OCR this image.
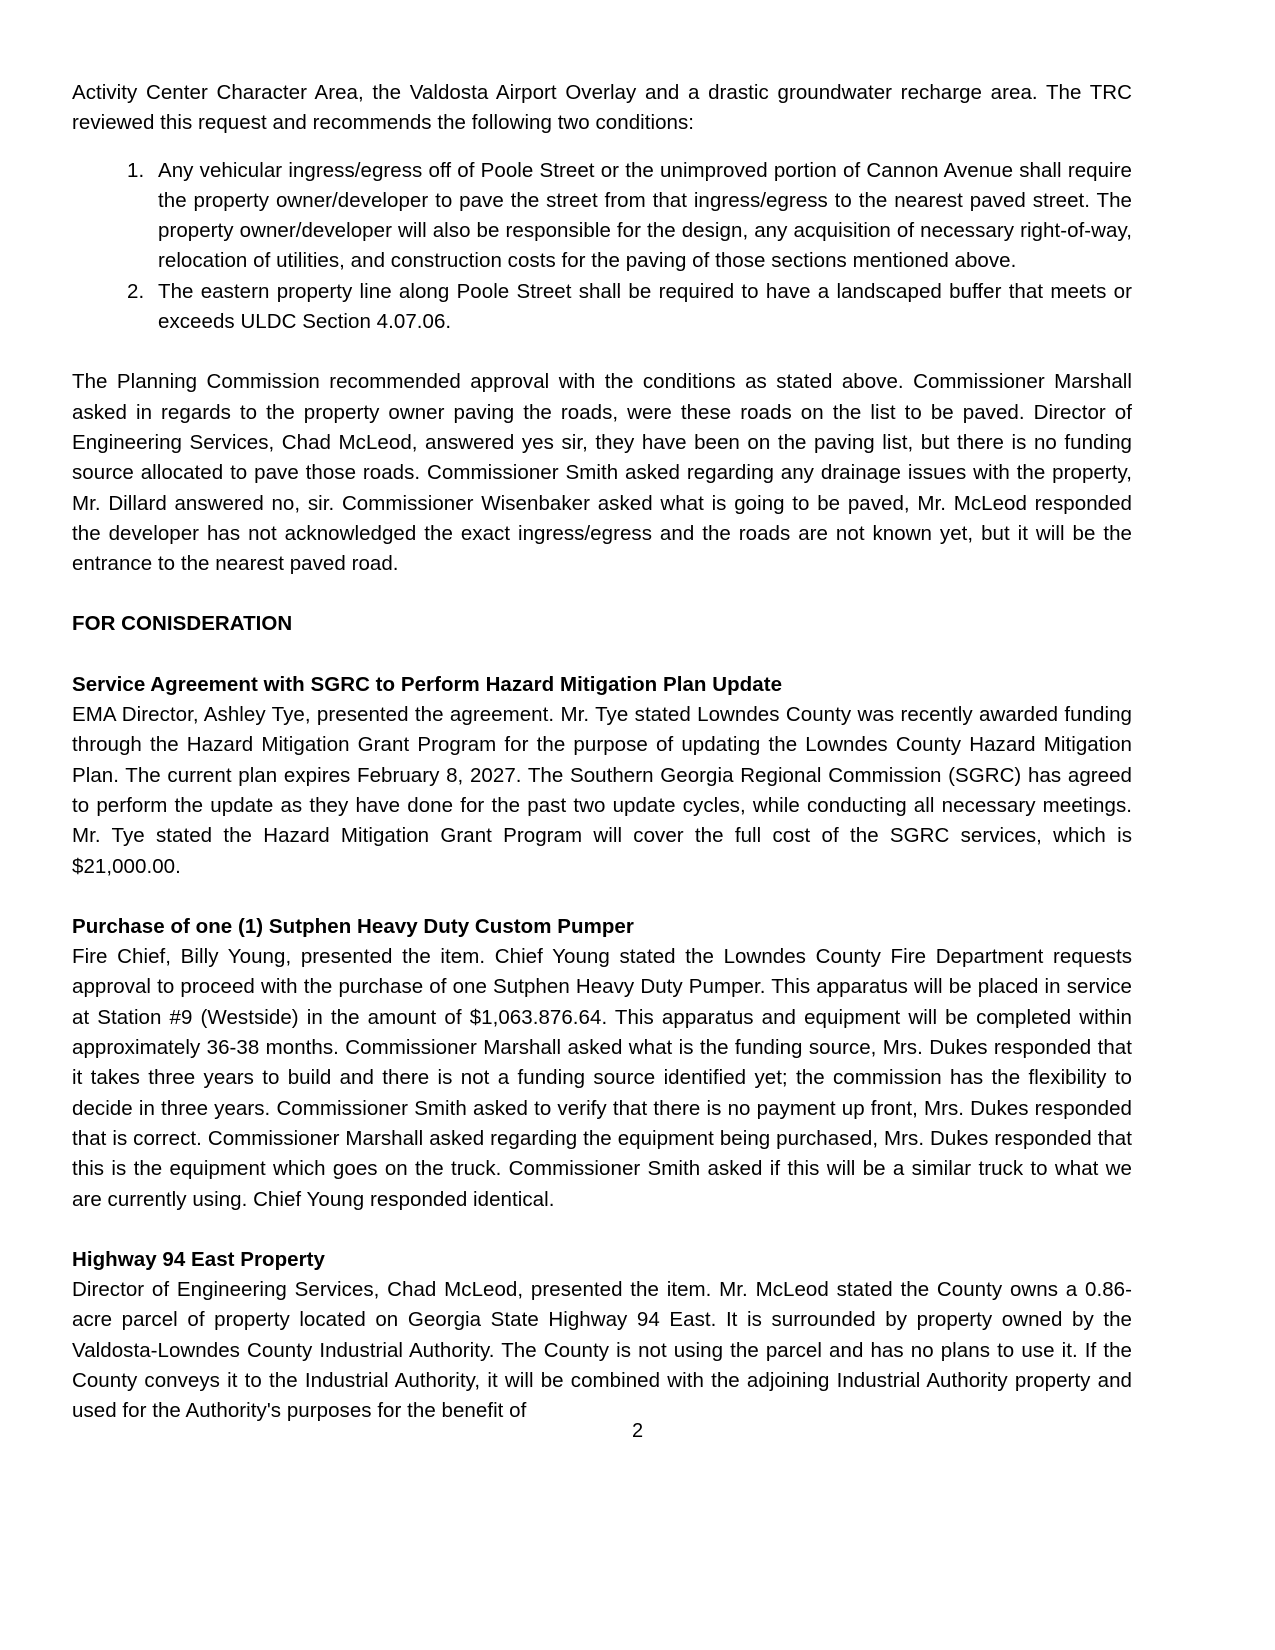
Activity Center Character Area, the Valdosta Airport Overlay and a drastic groundwater recharge area. The TRC reviewed this request and recommends the following two conditions:

1. Any vehicular ingress/egress off of Poole Street or the unimproved portion of Cannon Avenue shall require the property owner/developer to pave the street from that ingress/egress to the nearest paved street. The property owner/developer will also be responsible for the design, any acquisition of necessary right-of-way, relocation of utilities, and construction costs for the paving of those sections mentioned above.
2. The eastern property line along Poole Street shall be required to have a landscaped buffer that meets or exceeds ULDC Section 4.07.06.

The Planning Commission recommended approval with the conditions as stated above. Commissioner Marshall asked in regards to the property owner paving the roads, were these roads on the list to be paved. Director of Engineering Services, Chad McLeod, answered yes sir, they have been on the paving list, but there is no funding source allocated to pave those roads. Commissioner Smith asked regarding any drainage issues with the property, Mr. Dillard answered no, sir. Commissioner Wisenbaker asked what is going to be paved, Mr. McLeod responded the developer has not acknowledged the exact ingress/egress and the roads are not known yet, but it will be the entrance to the nearest paved road.

FOR CONISDERATION
Service Agreement with SGRC to Perform Hazard Mitigation Plan Update

EMA Director, Ashley Tye, presented the agreement. Mr. Tye stated Lowndes County was recently awarded funding through the Hazard Mitigation Grant Program for the purpose of updating the Lowndes County Hazard Mitigation Plan. The current plan expires February 8, 2027. The Southern Georgia Regional Commission (SGRC) has agreed to perform the update as they have done for the past two update cycles, while conducting all necessary meetings. Mr. Tye stated the Hazard Mitigation Grant Program will cover the full cost of the SGRC services, which is $21,000.00.

Purchase of one (1) Sutphen Heavy Duty Custom Pumper

Fire Chief, Billy Young, presented the item. Chief Young stated the Lowndes County Fire Department requests approval to proceed with the purchase of one Sutphen Heavy Duty Pumper. This apparatus will be placed in service at Station #9 (Westside) in the amount of $1,063.876.64. This apparatus and equipment will be completed within approximately 36-38 months. Commissioner Marshall asked what is the funding source, Mrs. Dukes responded that it takes three years to build and there is not a funding source identified yet; the commission has the flexibility to decide in three years. Commissioner Smith asked to verify that there is no payment up front, Mrs. Dukes responded that is correct. Commissioner Marshall asked regarding the equipment being purchased, Mrs. Dukes responded that this is the equipment which goes on the truck. Commissioner Smith asked if this will be a similar truck to what we are currently using. Chief Young responded identical.

Highway 94 East Property

Director of Engineering Services, Chad McLeod, presented the item. Mr. McLeod stated the County owns a 0.86-acre parcel of property located on Georgia State Highway 94 East. It is surrounded by property owned by the Valdosta-Lowndes County Industrial Authority. The County is not using the parcel and has no plans to use it. If the County conveys it to the Industrial Authority, it will be combined with the adjoining Industrial Authority property and used for the Authority's purposes for the benefit of

2
